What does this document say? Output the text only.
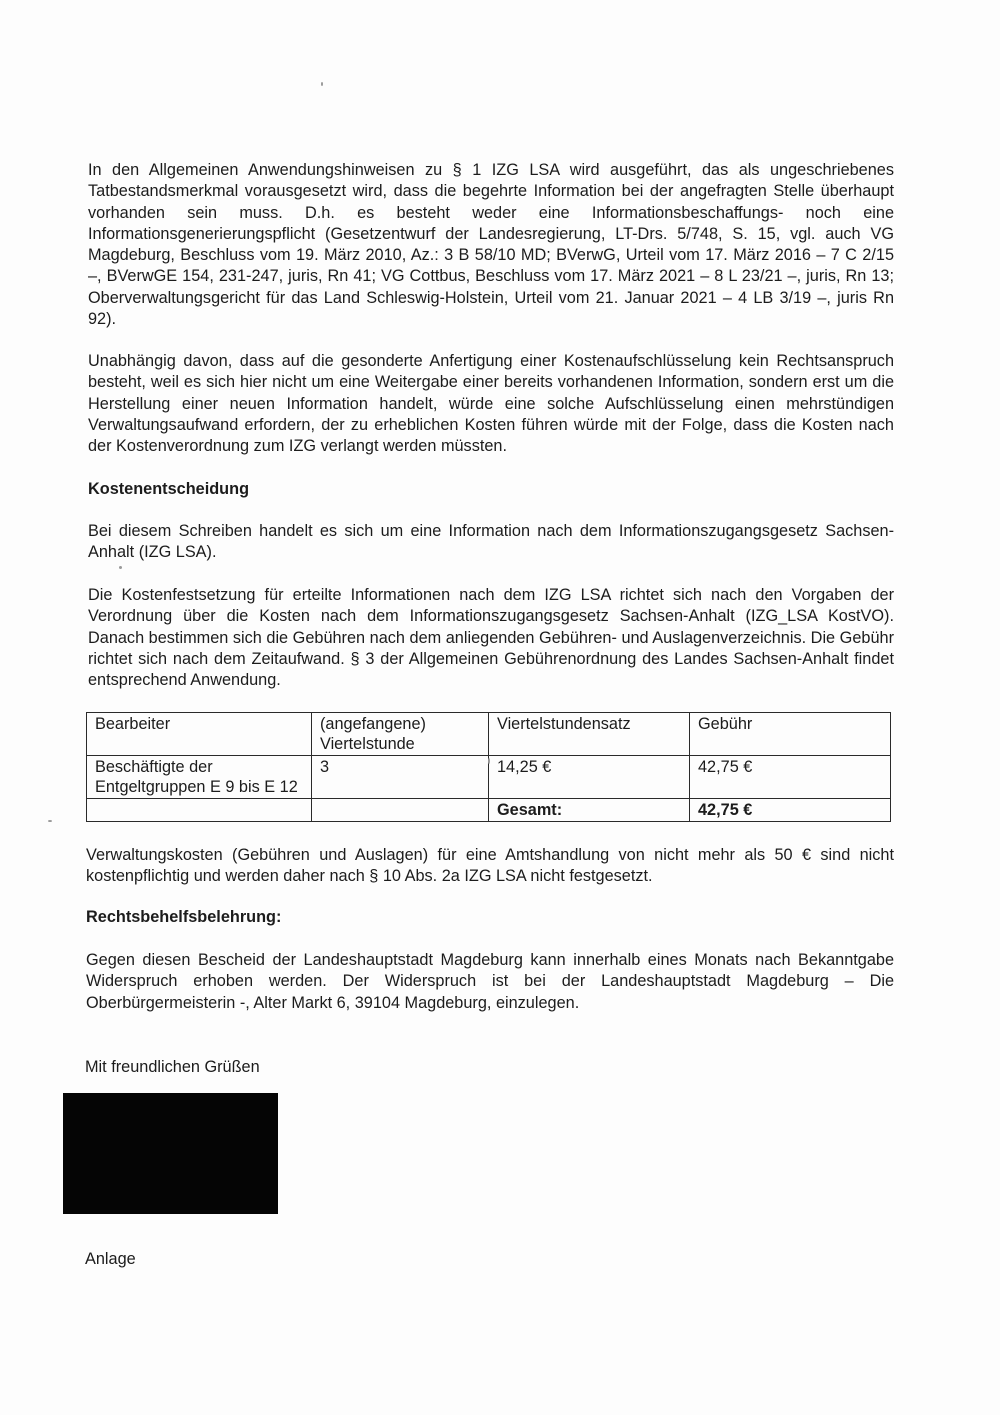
In den Allgemeinen Anwendungshinweisen zu § 1 IZG LSA wird ausgeführt, das als ungeschriebenes Tatbestandsmerkmal vorausgesetzt wird, dass die begehrte Information bei der angefragten Stelle überhaupt vorhanden sein muss. D.h. es besteht weder eine Informationsbeschaffungs- noch eine Informationsgenerierungspflicht (Gesetzentwurf der Landesregierung, LT-Drs. 5/748, S. 15, vgl. auch VG Magdeburg, Beschluss vom 19. März 2010, Az.: 3 B 58/10 MD; BVerwG, Urteil vom 17. März 2016 – 7 C 2/15 –, BVerwGE 154, 231-247, juris, Rn 41; VG Cottbus, Beschluss vom 17. März 2021 – 8 L 23/21 –, juris, Rn 13; Oberverwaltungsgericht für das Land Schleswig-Holstein, Urteil vom 21. Januar 2021 – 4 LB 3/19 –, juris Rn 92).

Unabhängig davon, dass auf die gesonderte Anfertigung einer Kostenaufschlüsselung kein Rechtsanspruch besteht, weil es sich hier nicht um eine Weitergabe einer bereits vorhandenen Information, sondern erst um die Herstellung einer neuen Information handelt, würde eine solche Aufschlüsselung einen mehrstündigen Verwaltungsaufwand erfordern, der zu erheblichen Kosten führen würde mit der Folge, dass die Kosten nach der Kostenverordnung zum IZG verlangt werden müssten.

Kostenentscheidung

Bei diesem Schreiben handelt es sich um eine Information nach dem Informationszugangsgesetz Sachsen-Anhalt (IZG LSA).

Die Kostenfestsetzung für erteilte Informationen nach dem IZG LSA richtet sich nach den Vorgaben der Verordnung über die Kosten nach dem Informationszugangsgesetz Sachsen-Anhalt (IZG_LSA KostVO). Danach bestimmen sich die Gebühren nach dem anliegenden Gebühren- und Auslagenverzeichnis. Die Gebühr richtet sich nach dem Zeitaufwand. § 3 der Allgemeinen Gebührenordnung des Landes Sachsen-Anhalt findet entsprechend Anwendung.

Bearbeiter	(angefangene) Viertelstunde	Viertelstundensatz	Gebühr
Beschäftigte der Entgeltgruppen E 9 bis E 12	3	14,25 €	42,75 €
		Gesamt:	42,75 €

Verwaltungskosten (Gebühren und Auslagen) für eine Amtshandlung von nicht mehr als 50 € sind nicht kostenpflichtig und werden daher nach § 10 Abs. 2a IZG LSA nicht festgesetzt.

Rechtsbehelfsbelehrung:

Gegen diesen Bescheid der Landeshauptstadt Magdeburg kann innerhalb eines Monats nach Bekanntgabe Widerspruch erhoben werden. Der Widerspruch ist bei der Landeshauptstadt Magdeburg – Die Oberbürgermeisterin -, Alter Markt 6, 39104 Magdeburg, einzulegen.

Mit freundlichen Grüßen

Anlage
